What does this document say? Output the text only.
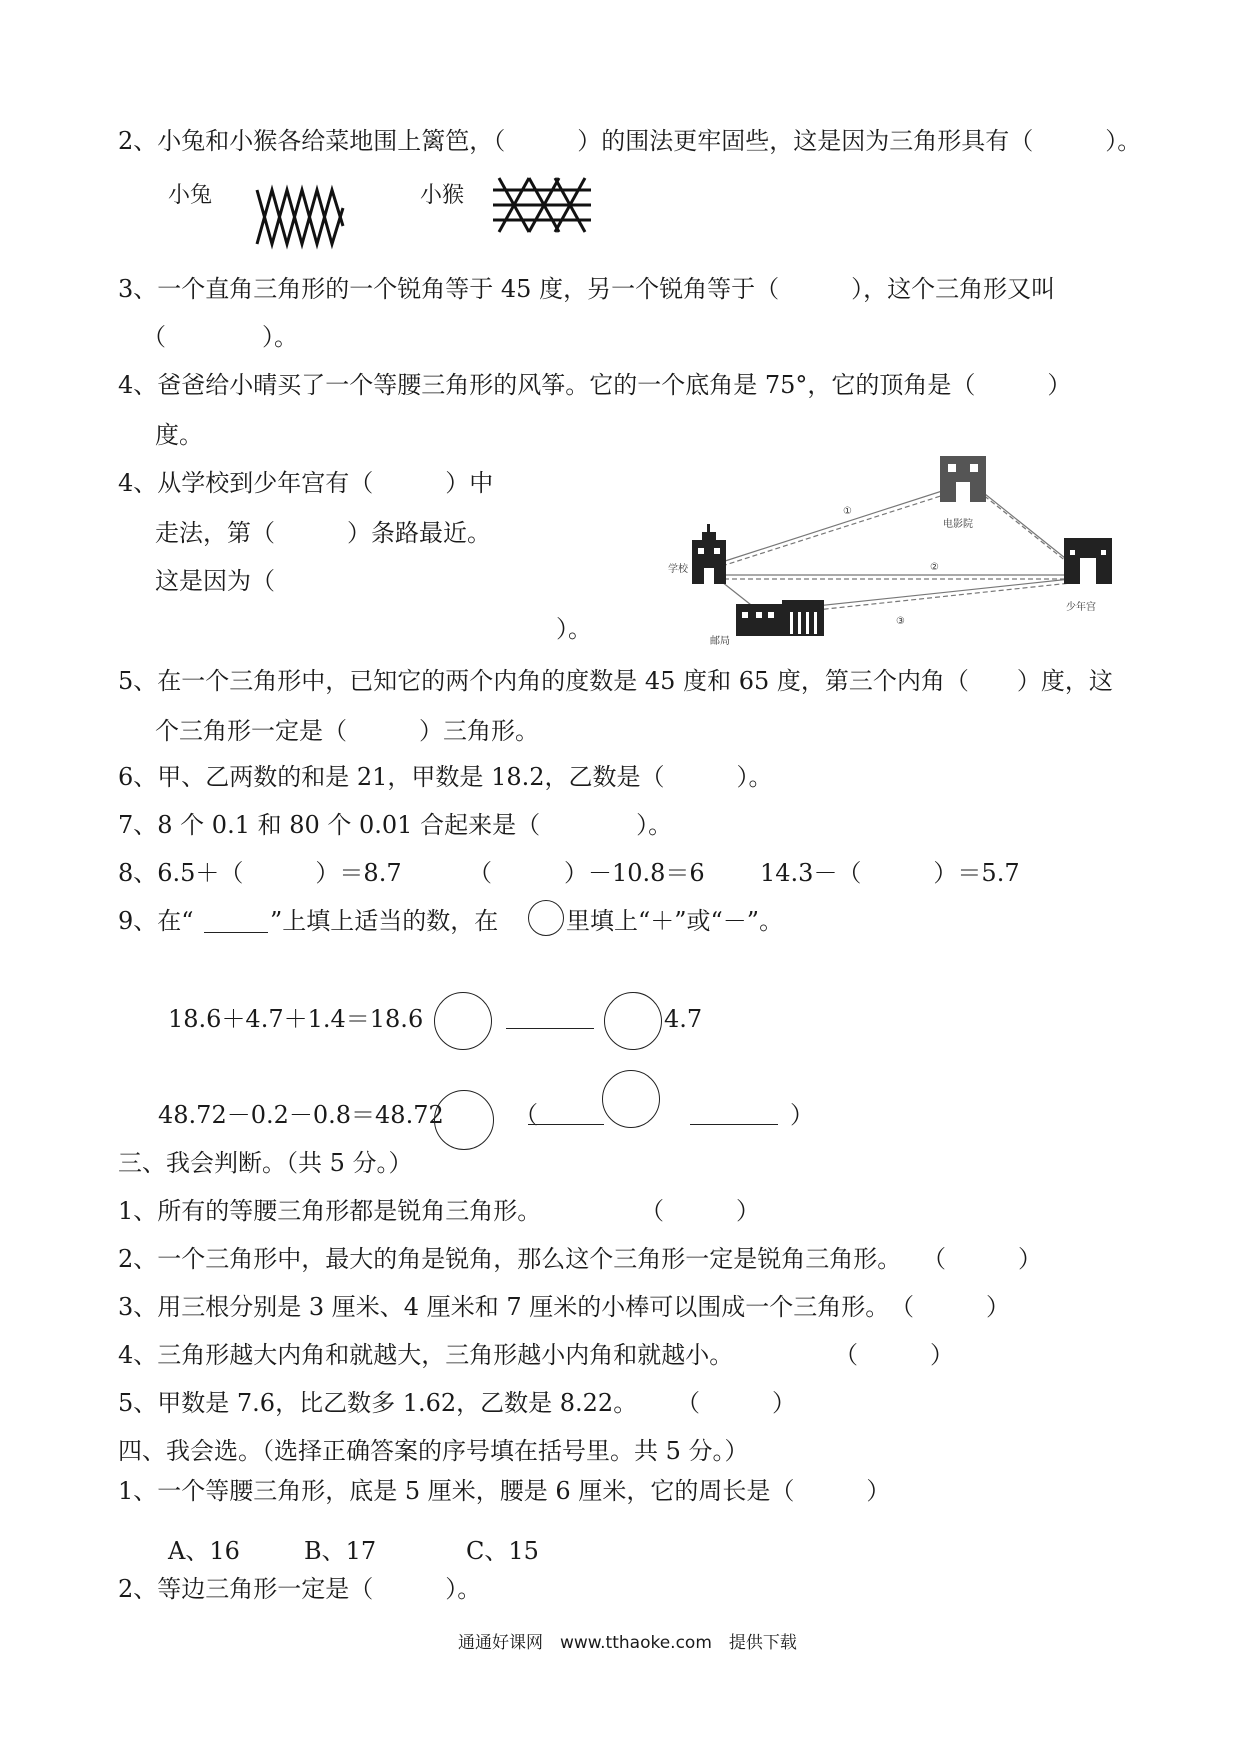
2、小兔和小猴各给菜地围上篱笆，（　　　）的围法更牢固些，这是因为三角形具有（　　　）。
小兔	小猴
3、一个直角三角形的一个锐角等于 45 度，另一个锐角等于（　　　），这个三角形又叫
（　　　　）。
4、爸爸给小晴买了一个等腰三角形的风筝。它的一个底角是 75°，它的顶角是（　　　）
度。
4、从学校到少年宫有（　　　）中
走法，第（　　　）条路最近。
这是因为（
）。
学校
电影院
少年宫
邮局
①
②
③
5、在一个三角形中，已知它的两个内角的度数是 45 度和 65 度，第三个内角（　　）度，这
个三角形一定是（　　　）三角形。
6、甲、乙两数的和是 21，甲数是 18.2，乙数是（　　　）。
7、8 个 0.1 和 80 个 0.01 合起来是（　　　　）。
8、6.5＋（　　　）＝8.7	（　　　）－10.8＝6 14.3－（　　　）＝5.7
9、在“	”上填上适当的数，在	里填上“＋”或“－”。
18.6＋4.7＋1.4＝18.6	4.7
48.72－0.2－0.8＝48.72	（	）
三、我会判断。（共 5 分。）
1、所有的等腰三角形都是锐角三角形。	（　　　）
2、一个三角形中，最大的角是锐角，那么这个三角形一定是锐角三角形。 （　　　）
3、用三根分别是 3 厘米、4 厘米和 7 厘米的小棒可以围成一个三角形。 （　　　）
4、三角形越大内角和就越大，三角形越小内角和就越小。	（　　　）
5、甲数是 7.6，比乙数多 1.62，乙数是 8.22。 （　　　）
四、我会选。（选择正确答案的序号填在括号里。共 5 分。）
1、一个等腰三角形，底是 5 厘米，腰是 6 厘米，它的周长是（　　　）
A、16	B、17	C、15
2、等边三角形一定是（　　　）。
通通好课网　www.tthaoke.com　提供下载
